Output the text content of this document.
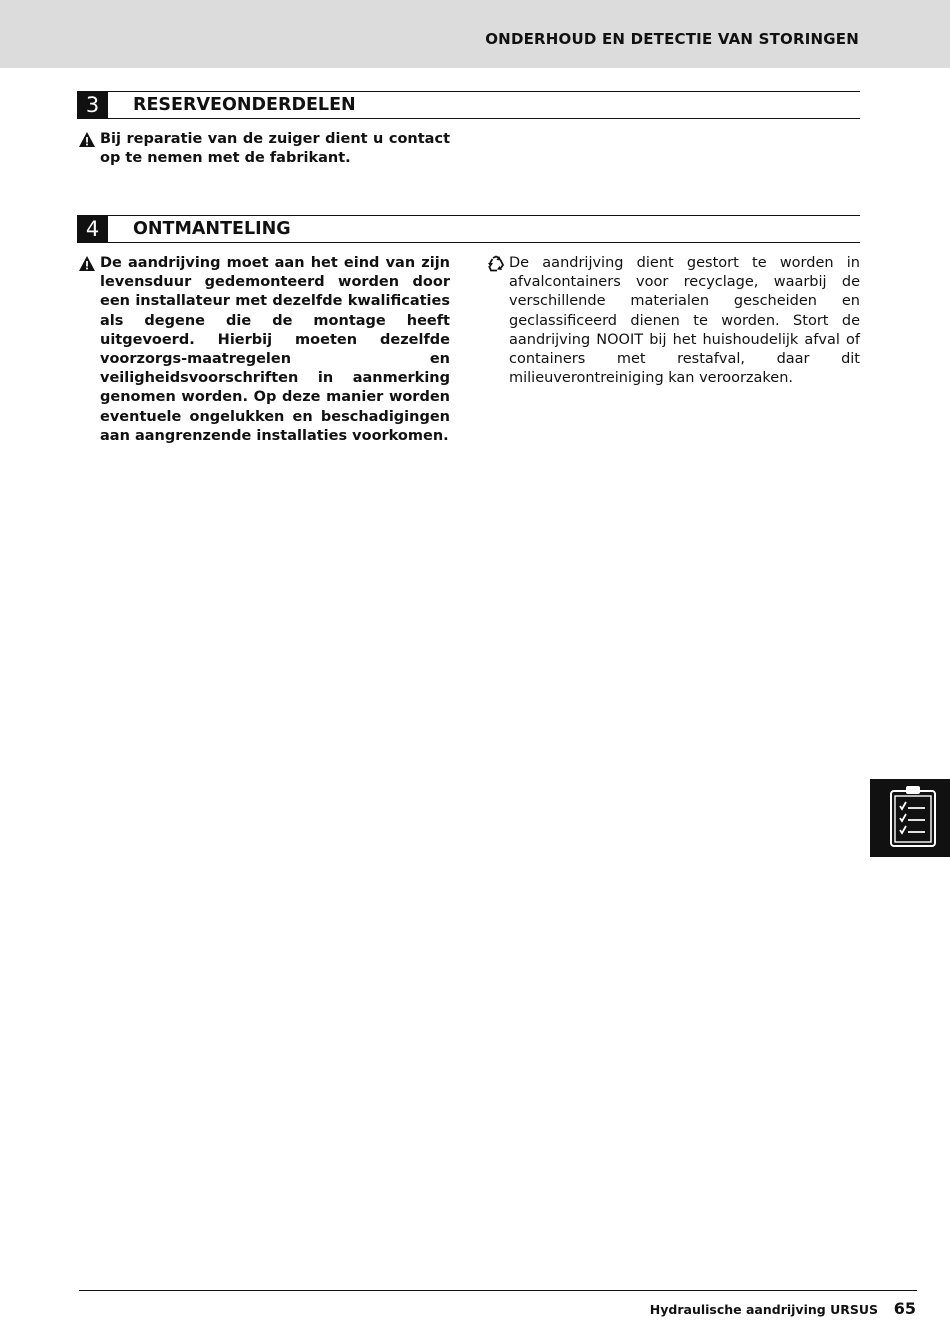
ONDERHOUD EN DETECTIE VAN STORINGEN
3	RESERVEONDERDELEN
Bij reparatie van de zuiger dient u contact op te nemen met de fabrikant.
4	ONTMANTELING
De aandrijving moet aan het eind van zijn levensduur gedemonteerd worden door een installateur met dezelfde kwalificaties als degene die de montage heeft uitgevoerd. Hierbij moeten dezelfde voorzorgs-maatregelen en veiligheidsvoorschriften in aanmerking genomen worden. Op deze manier worden eventuele ongelukken en beschadigingen aan aangrenzende installaties voorkomen.
De aandrijving dient gestort te worden in afvalcontainers voor recyclage, waarbij de verschillende materialen gescheiden en geclassificeerd dienen te worden. Stort de aandrijving NOOIT bij het huishoudelijk afval of containers met restafval, daar dit milieuverontreiniging kan veroorzaken.
Hydraulische aandrijving URSUS 65
